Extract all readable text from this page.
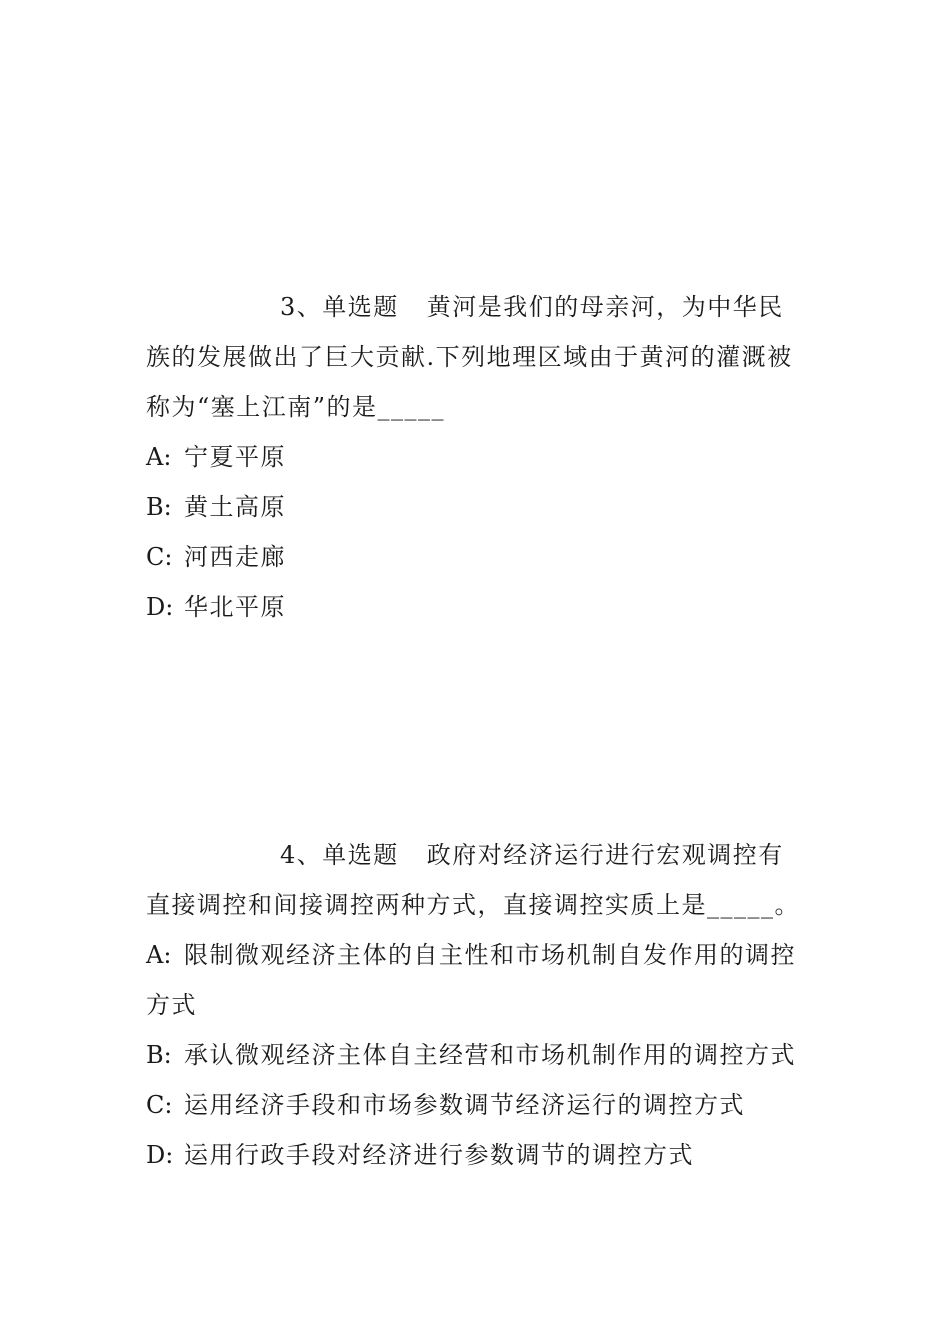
3、单选题 黄河是我们的母亲河，为中华民族的发展做出了巨大贡献.下列地理区域由于黄河的灌溉被称为“塞上江南”的是_____

A: 宁夏平原

B: 黄土高原

C: 河西走廊

D: 华北平原

4、单选题 政府对经济运行进行宏观调控有直接调控和间接调控两种方式，直接调控实质上是_____。

A: 限制微观经济主体的自主性和市场机制自发作用的调控方式

B: 承认微观经济主体自主经营和市场机制作用的调控方式

C: 运用经济手段和市场参数调节经济运行的调控方式

D: 运用行政手段对经济进行参数调节的调控方式
